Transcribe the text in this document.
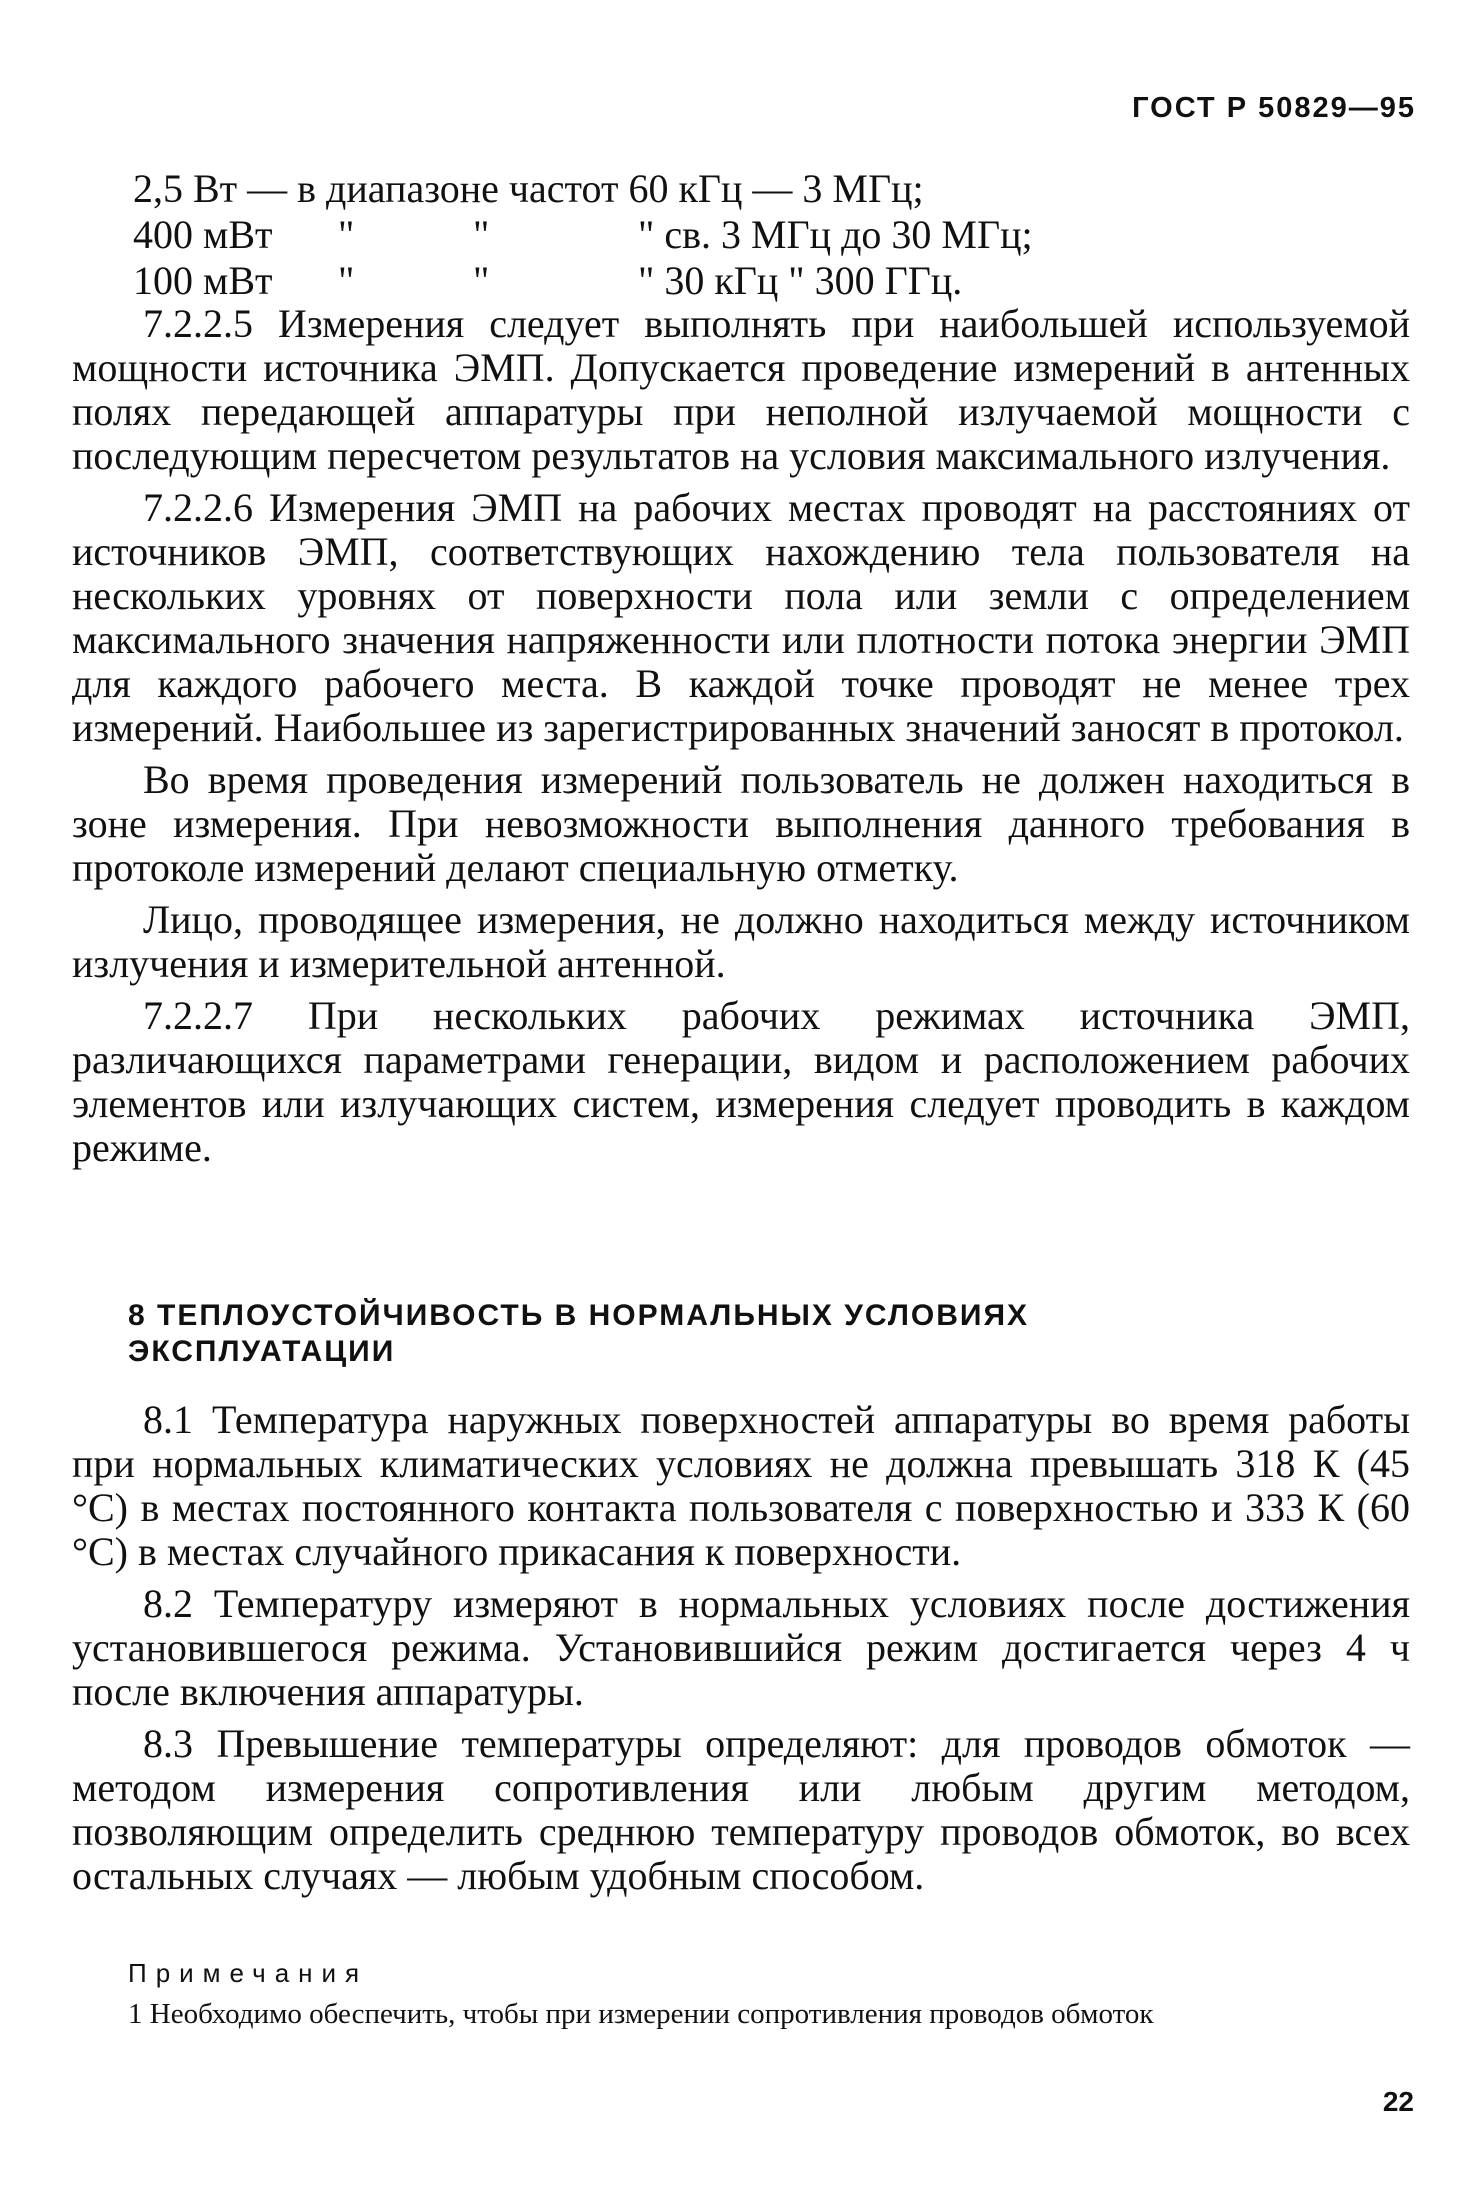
ГОСТ Р 50829—95
2,5 Вт — в диапазоне частот 60 кГц — 3 МГц;
400 мВт "	"	" св. 3 МГц до 30 МГц;
100 мВт "	"	" 30 кГц " 300 ГГц.

7.2.2.5 Измерения следует выполнять при наибольшей используемой мощности источника ЭМП. Допускается проведение измерений в антенных полях передающей аппаратуры при неполной излучаемой мощности с последующим пересчетом результатов на условия максимального излучения.

7.2.2.6 Измерения ЭМП на рабочих местах проводят на расстояниях от источников ЭМП, соответствующих нахождению тела пользователя на нескольких уровнях от поверхности пола или земли с определением максимального значения напряженности или плотности потока энергии ЭМП для каждого рабочего места. В каждой точке проводят не менее трех измерений. Наибольшее из зарегистрированных значений заносят в протокол.

Во время проведения измерений пользователь не должен находиться в зоне измерения. При невозможности выполнения данного требования в протоколе измерений делают специальную отметку.

Лицо, проводящее измерения, не должно находиться между источником излучения и измерительной антенной.

7.2.2.7 При нескольких рабочих режимах источника ЭМП, различающихся параметрами генерации, видом и расположением рабочих элементов или излучающих систем, измерения следует проводить в каждом режиме.

8 ТЕПЛОУСТОЙЧИВОСТЬ В НОРМАЛЬНЫХ УСЛОВИЯХ
ЭКСПЛУАТАЦИИ

8.1 Температура наружных поверхностей аппаратуры во время работы при нормальных климатических условиях не должна превышать 318 К (45 °С) в местах постоянного контакта пользователя с поверхностью и 333 К (60 °С) в местах случайного прикасания к поверхности.

8.2 Температуру измеряют в нормальных условиях после достижения установившегося режима. Установившийся режим достигается через 4 ч после включения аппаратуры.

8.3 Превышение температуры определяют: для проводов обмоток — методом измерения сопротивления или любым другим методом, позволяющим определить среднюю температуру проводов обмоток, во всех остальных случаях — любым удобным способом.

Примечания
1 Необходимо обеспечить, чтобы при измерении сопротивления проводов обмоток
22
